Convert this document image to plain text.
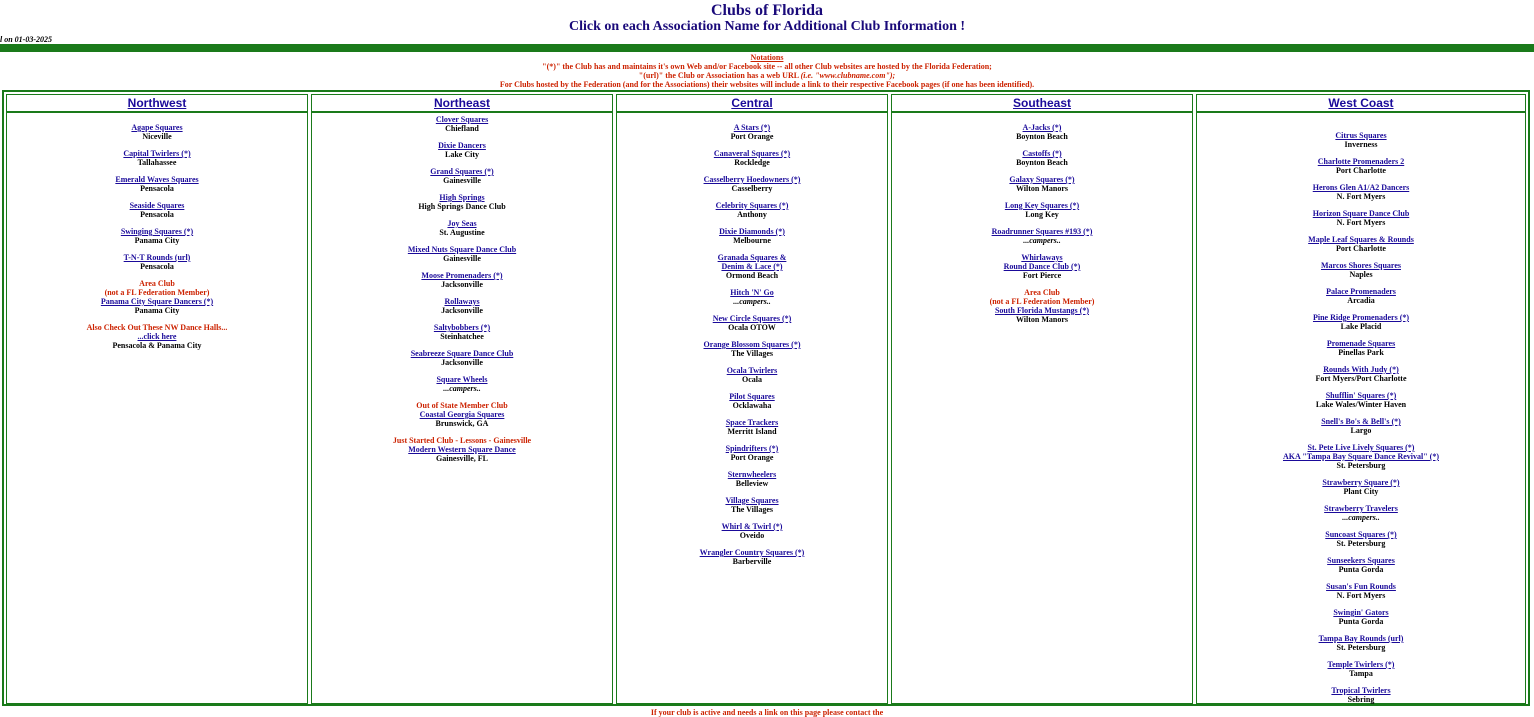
Clubs of Florida
Click on each Association Name for Additional Club Information !
l on 01-03-2025
Notations
"(*)" the Club has and maintains it's own Web and/or Facebook site -- all other Club websites are hosted by the Florida Federation;
"(url)" the Club or Association has a web URL (i.e. "www.clubname.com");
For Clubs hosted by the Federation (and for the Associations) their websites will include a link to their respective Facebook pages (if one has been identified).
Northwest
Agape Squares
Niceville
Capital Twirlers (*)
Tallahassee
Emerald Waves Squares
Pensacola
Seaside Squares
Pensacola
Swinging Squares (*)
Panama City
T-N-T Rounds (url)
Pensacola
Area Club
(not a FL Federation Member)
Panama City Square Dancers (*)
Panama City
Also Check Out These NW Dance Halls...
...click here
Pensacola & Panama City
Northeast
Clover Squares
Chiefland
Dixie Dancers
Lake City
Grand Squares (*)
Gainesville
High Springs
High Springs Dance Club
Joy Seas
St. Augustine
Mixed Nuts Square Dance Club
Gainesville
Moose Promenaders (*)
Jacksonville
Rollaways
Jacksonville
Saltybobbers (*)
Steinhatchee
Seabreeze Square Dance Club
Jacksonville
Square Wheels
...campers..
Out of State Member Club
Coastal Georgia Squares
Brunswick, GA
Just Started Club - Lessons - Gainesville
Modern Western Square Dance
Gainesville, FL
Central
A Stars (*)
Port Orange
Canaveral Squares (*)
Rockledge
Casselberry Hoedowners (*)
Casselberry
Celebrity Squares (*)
Anthony
Dixie Diamonds (*)
Melbourne
Granada Squares &
Denim & Lace (*)
Ormond Beach
Hitch 'N' Go
...campers..
New Circle Squares (*)
Ocala OTOW
Orange Blossom Squares (*)
The Villages
Ocala Twirlers
Ocala
Pilot Squares
Ocklawaha
Space Trackers
Merritt Island
Spindrifters (*)
Port Orange
Sternwheelers
Belleview
Village Squares
The Villages
Whirl & Twirl (*)
Oveido
Wrangler Country Squares (*)
Barberville
Southeast
A-Jacks (*)
Boynton Beach
Castoffs (*)
Boynton Beach
Galaxy Squares (*)
Wilton Manors
Long Key Squares (*)
Long Key
Roadrunner Squares #193 (*)
...campers..
Whirlaways
Round Dance Club (*)
Fort Pierce
Area Club
(not a FL Federation Member)
South Florida Mustangs (*)
Wilton Manors
West Coast
Citrus Squares
Inverness
Charlotte Promenaders 2
Port Charlotte
Herons Glen A1/A2 Dancers
N. Fort Myers
Horizon Square Dance Club
N. Fort Myers
Maple Leaf Squares & Rounds
Port Charlotte
Marcos Shores Squares
Naples
Palace Promenaders
Arcadia
Pine Ridge Promenaders (*)
Lake Placid
Promenade Squares
Pinellas Park
Rounds With Judy (*)
Fort Myers/Port Charlotte
Shufflin' Squares (*)
Lake Wales/Winter Haven
Snell's Bo's & Bell's (*)
Largo
St. Pete Live Lively Squares (*)
AKA "Tampa Bay Square Dance Revival" (*)
St. Petersburg
Strawberry Square (*)
Plant City
Strawberry Travelers
...campers..
Suncoast Squares (*)
St. Petersburg
Sunseekers Squares
Punta Gorda
Susan's Fun Rounds
N. Fort Myers
Swingin' Gators
Punta Gorda
Tampa Bay Rounds (url)
St. Petersburg
Temple Twirlers (*)
Tampa
Tropical Twirlers
Sebring
If your club is active and needs a link on this page please contact the
